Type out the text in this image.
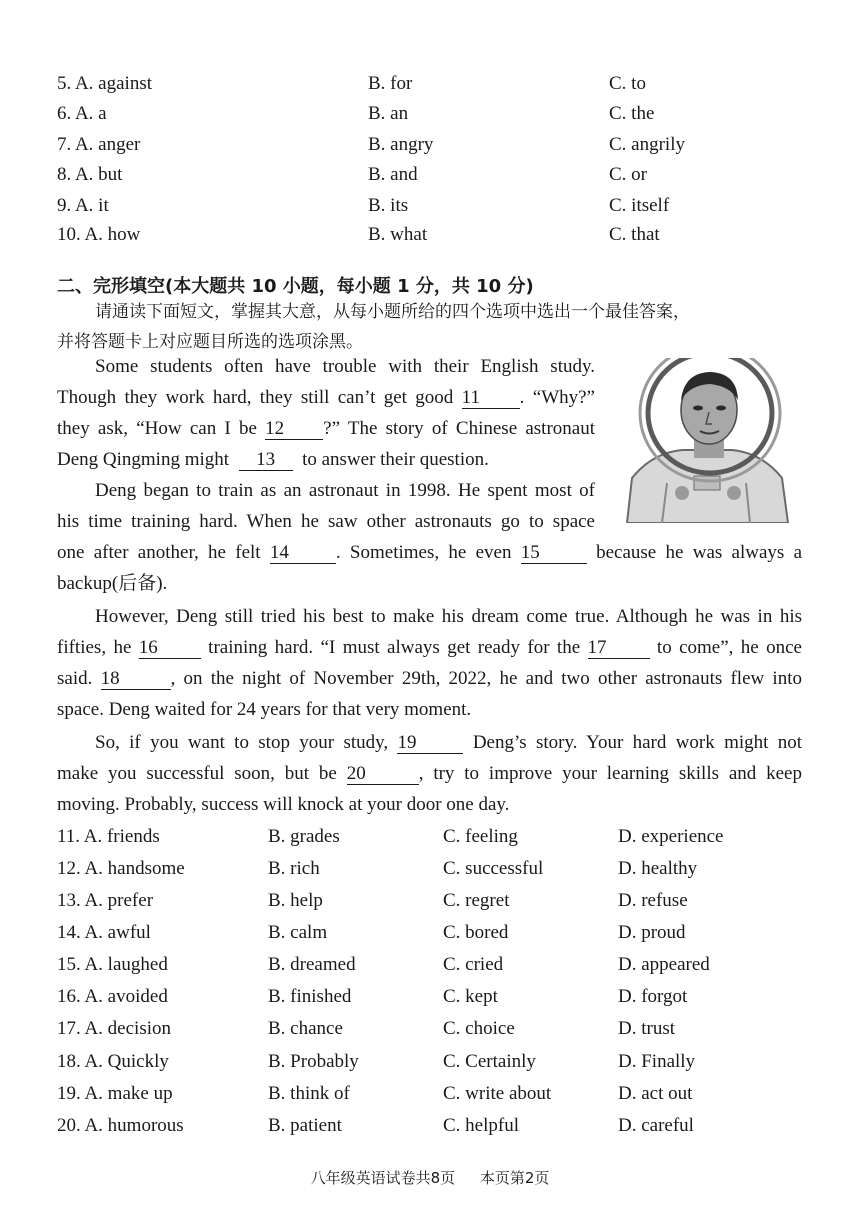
5. A. against	B. for	C. to
6. A. a	B. an	C. the
7. A. anger	B. angry	C. angrily
8. A. but	B. and	C. or
9. A. it	B. its	C. itself
10. A. how	B. what	C. that
二、完形填空(本大题共 10 小题，每小题 1 分，共 10 分)
请通读下面短文，掌握其大意，从每小题所给的四个选项中选出一个最佳答案，
并将答题卡上对应题目所选的选项涂黑。
Some students often have trouble with their English study.
Though they work hard, they still can’t get good 11 . “Why?”
they ask, “How can I be 12 ?” The story of Chinese astronaut
Deng Qingming might 13 to answer their question.
Deng began to train as an astronaut in 1998. He spent most of
his time training hard. When he saw other astronauts go to space
one after another, he felt 14 . Sometimes, he even 15	because he was always a
backup(后备).
However, Deng still tried his best to make his dream come true. Although he was in his
fifties, he 16	training hard. “I must always get ready for the 17	to come”, he once
said. 18	, on the night of November 29th, 2022, he and two other astronauts flew into
space. Deng waited for 24 years for that very moment.
So, if you want to stop your study, 19	Deng’s story. Your hard work might not
make you successful soon, but be 20	, try to improve your learning skills and keep
moving. Probably, success will knock at your door one day.
11. A. friends	B. grades	C. feeling	D. experience
12. A. handsome	B. rich	C. successful	D. healthy
13. A. prefer	B. help	C. regret	D. refuse
14. A. awful	B. calm	C. bored	D. proud
15. A. laughed	B. dreamed	C. cried	D. appeared
16. A. avoided	B. finished	C. kept	D. forgot
17. A. decision	B. chance	C. choice	D. trust
18. A. Quickly	B. Probably	C. Certainly	D. Finally
19. A. make up	B. think of	C. write about	D. act out
20. A. humorous	B. patient	C. helpful	D. careful
八年级英语试卷共8页 本页第2页
